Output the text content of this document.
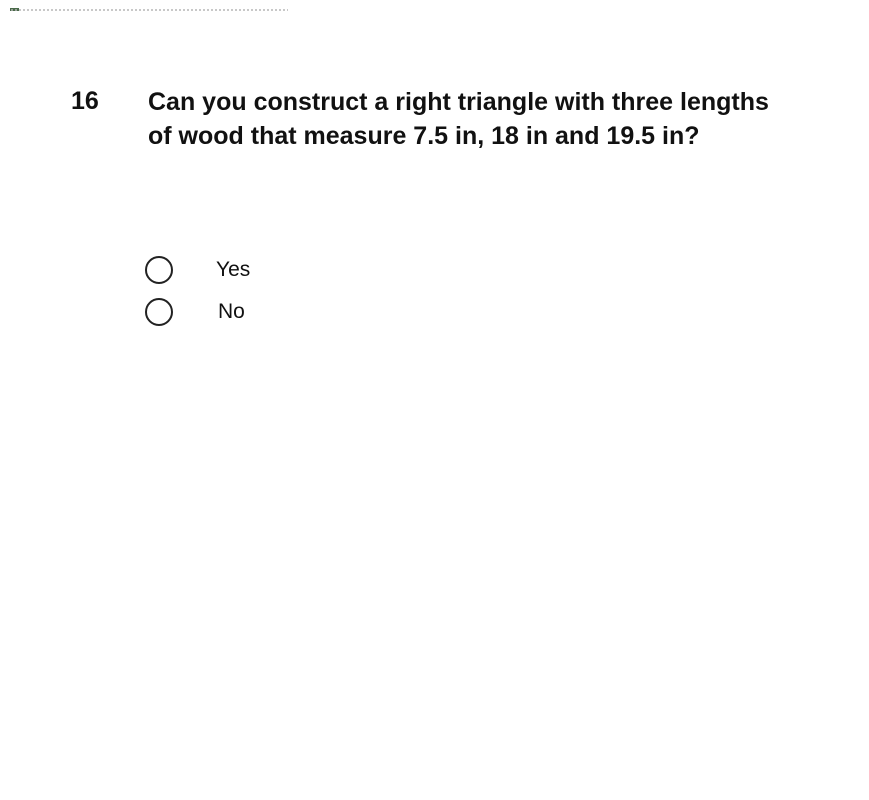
16 Can you construct a right triangle with three lengths of wood that measure 7.5 in, 18 in and 19.5 in?
Yes
No
